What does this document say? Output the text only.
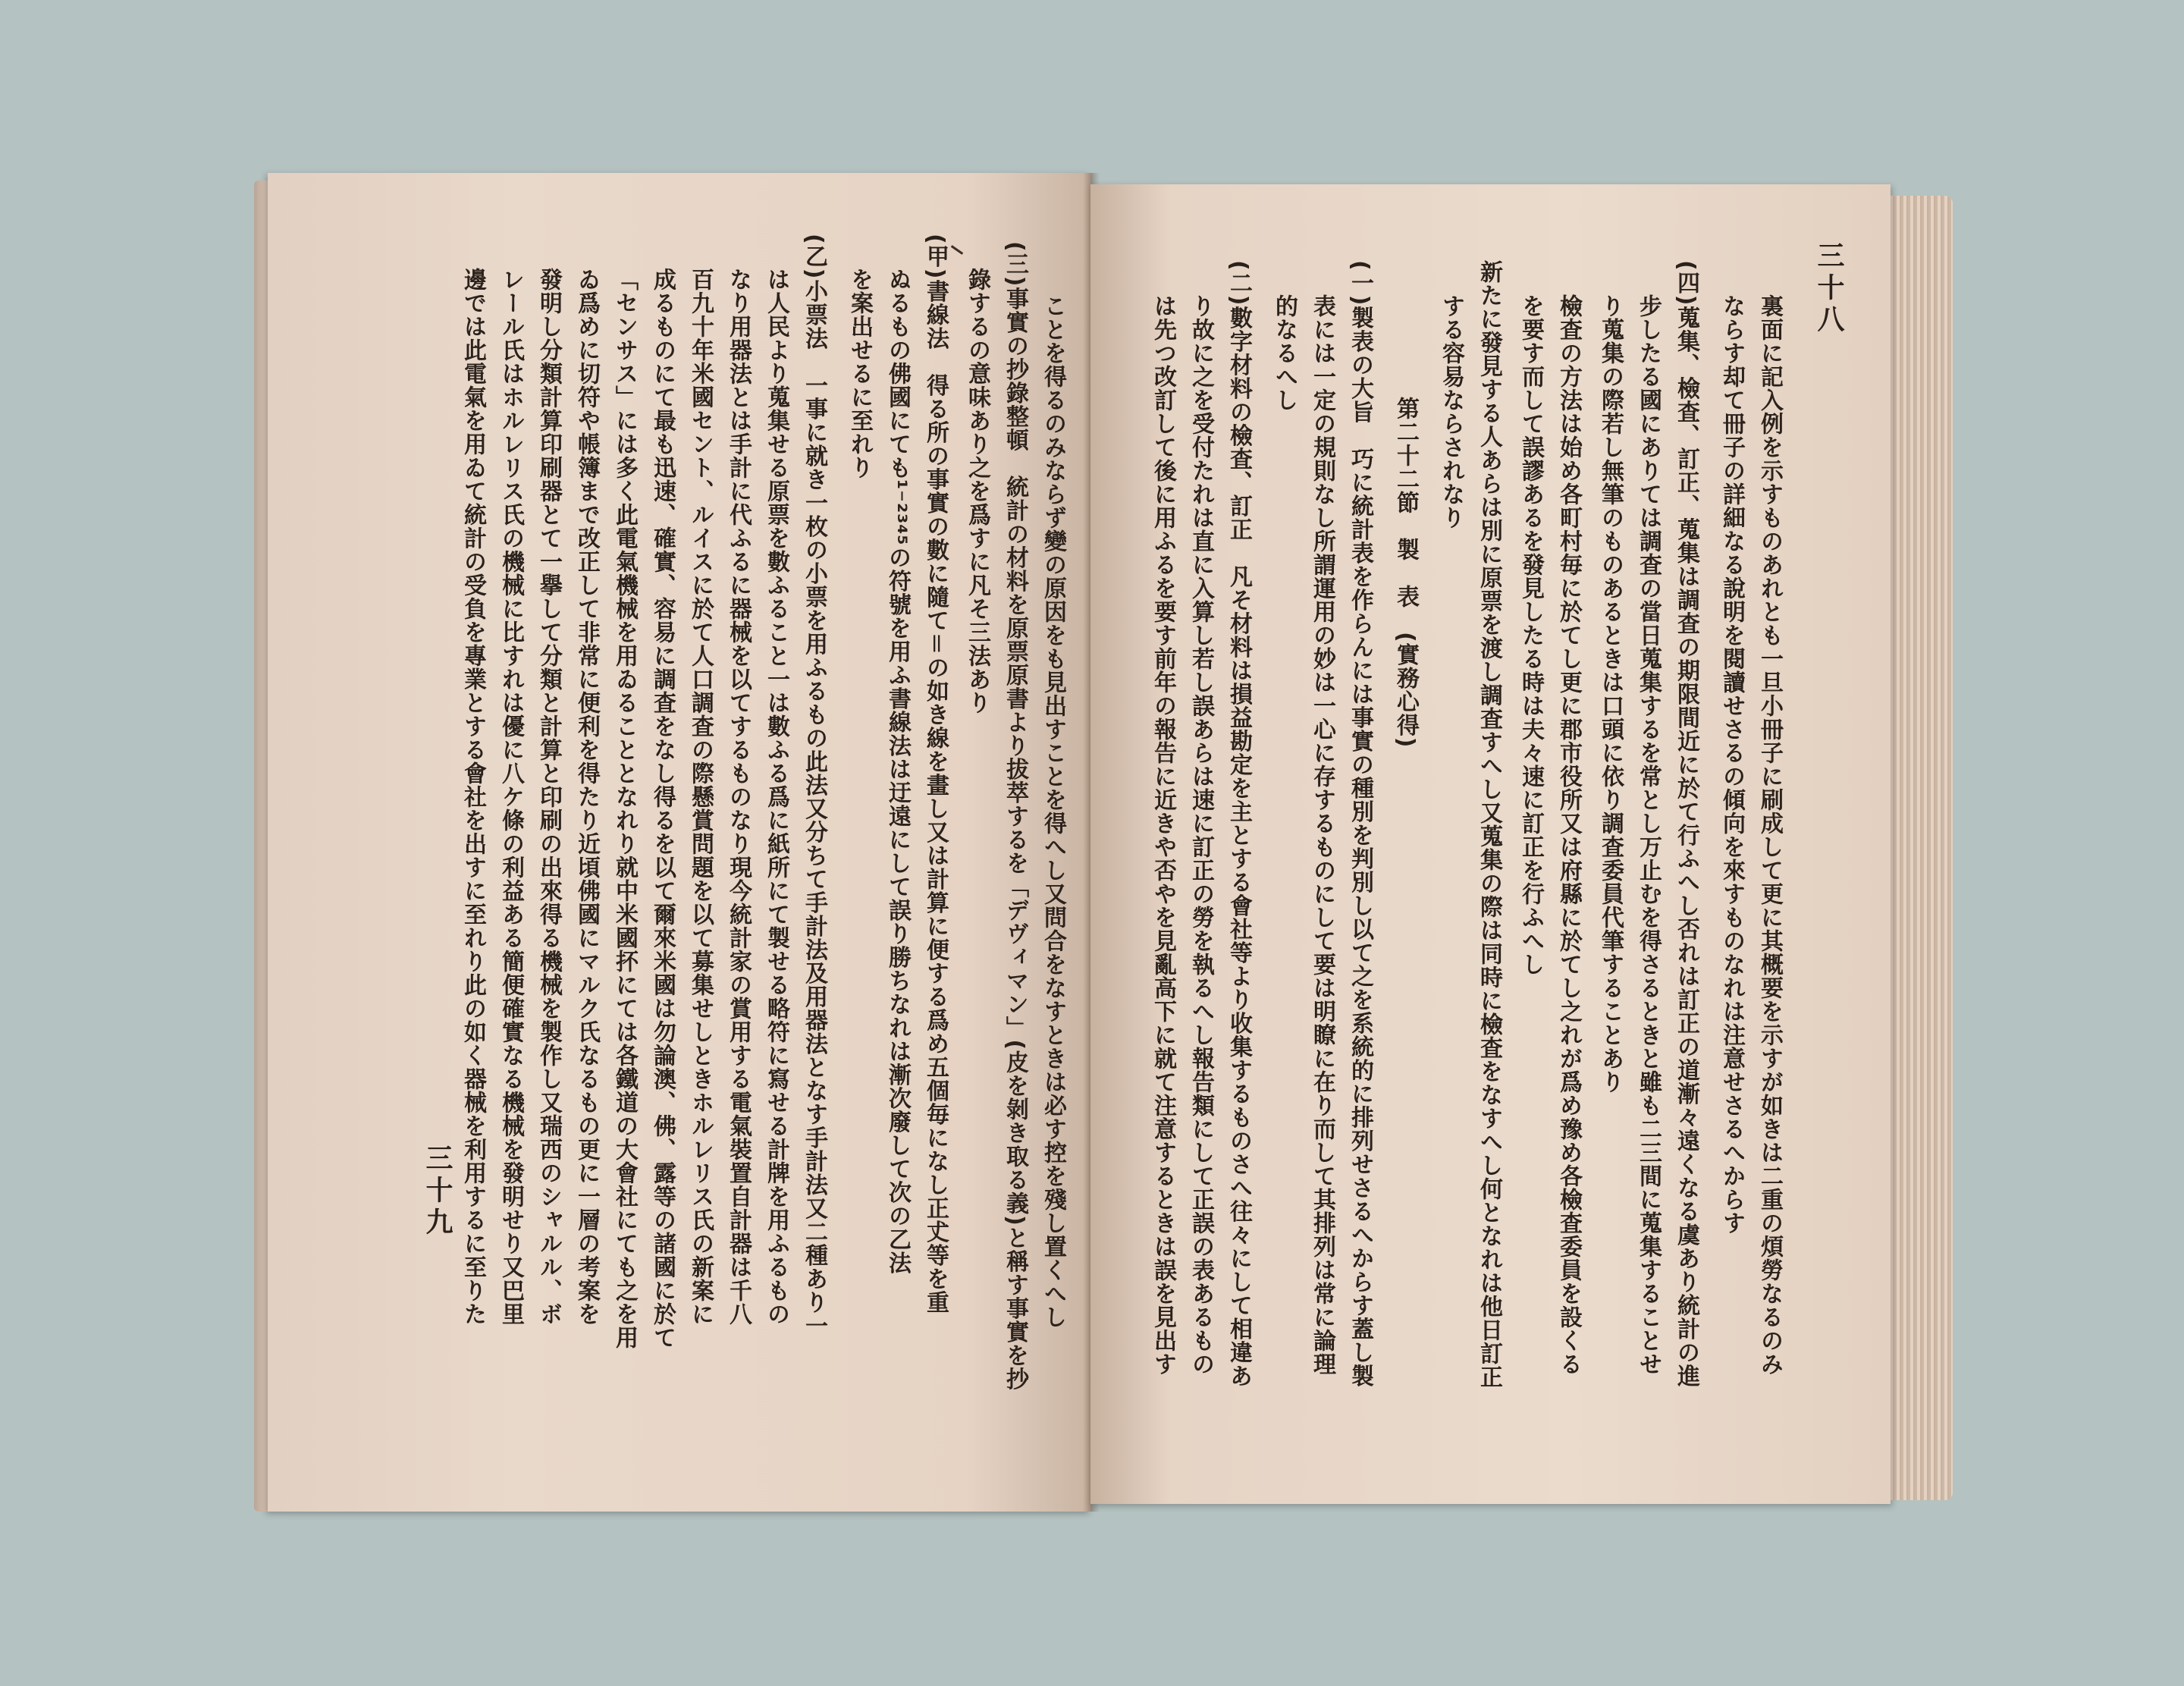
ことを得るのみならず變の原因をも見出すことを得へし又問合をなすときは必す控を殘し置くへし
(三)事實の抄錄整頓　統計の材料を原票原書より拔萃するを「デヴィマン」(皮を剝き取る義)と稱す事實を抄
錄するの意味あり之を爲すに凡そ三法あり
(甲)書線法　得る所の事實の數に隨て＝の如き線を畫し又は計算に便する爲め五個毎になし正𠀋等を重
ぬるもの佛國にても¹⁻²³⁴⁵の符號を用ふ書線法は迂遠にして誤り勝ちなれは漸次廢して次の乙法
を案出せるに至れり
(乙)小票法　一事に就き一枚の小票を用ふるもの此法又分ちて手計法及用器法となす手計法又二種あり一
は人民より蒐集せる原票を數ふること一は數ふる爲に紙所にて製せる略符に寫せる計牌を用ふるもの
なり用器法とは手計に代ふるに器械を以てするものなり現今統計家の賞用する電氣裝置自計器は千八
百九十年米國セント、ルイスに於て人口調査の際懸賞問題を以て募集せしときホルレリス氏の新案に
成るものにて最も迅速、確實、容易に調査をなし得るを以て爾來米國は勿論澳、佛、露等の諸國に於て
「センサス」には多く此電氣機械を用ゐることとなれり就中米國抔にては各鐵道の大會社にても之を用
ゐ爲めに切符や帳簿まで改正して非常に便利を得たり近頃佛國にマルク氏なるもの更に一層の考案を
發明し分類計算印刷器とて一擧して分類と計算と印刷の出來得る機械を製作し又瑞西のシャルル、ボ
レール氏はホルレリス氏の機械に比すれは優に八ケ條の利益ある簡便確實なる機械を發明せり又巴里
邊では此電氣を用ゐて統計の受負を專業とする會社を出すに至れり此の如く器械を利用するに至りた
三十九
三十八
裏面に記入例を示すものあれとも一旦小冊子に刷成して更に其概要を示すが如きは二重の煩勞なるのみ
ならす却て冊子の詳細なる說明を閱讀せさるの傾向を來すものなれは注意せさるへからす
(四)蒐集、檢査、訂正、蒐集は調査の期限間近に於て行ふへし否れは訂正の道漸々遠くなる虞あり統計の進
步したる國にありては調査の當日蒐集するを常とし万止むを得さるときと雖も二三間に蒐集することせ
り蒐集の際若し無筆のものあるときは口頭に依り調査委員代筆することあり
檢査の方法は始め各町村毎に於てし更に郡市役所又は府縣に於てし之れが爲め豫め各檢査委員を設くる
を要す而して誤謬あるを發見したる時は夫々速に訂正を行ふへし
新たに發見する人あらは別に原票を渡し調査すへし又蒐集の際は同時に檢査をなすへし何となれは他日訂正
する容易ならされなり
第二十二節　製　表　(實務心得)
(一)製表の大旨　巧に統計表を作らんには事實の種別を判別し以て之を系統的に排列せさるへからす蓋し製
表には一定の規則なし所謂運用の妙は一心に存するものにして要は明瞭に在り而して其排列は常に論理
的なるへし
(二)數字材料の檢査、訂正　凡そ材料は損益勘定を主とする會社等より收集するものさへ往々にして相違あ
り故に之を受付たれは直に入算し若し誤あらは速に訂正の勞を執るへし報告類にして正誤の表あるもの
は先つ改訂して後に用ふるを要す前年の報告に近きや否やを見亂高下に就て注意するときは誤を見出す
